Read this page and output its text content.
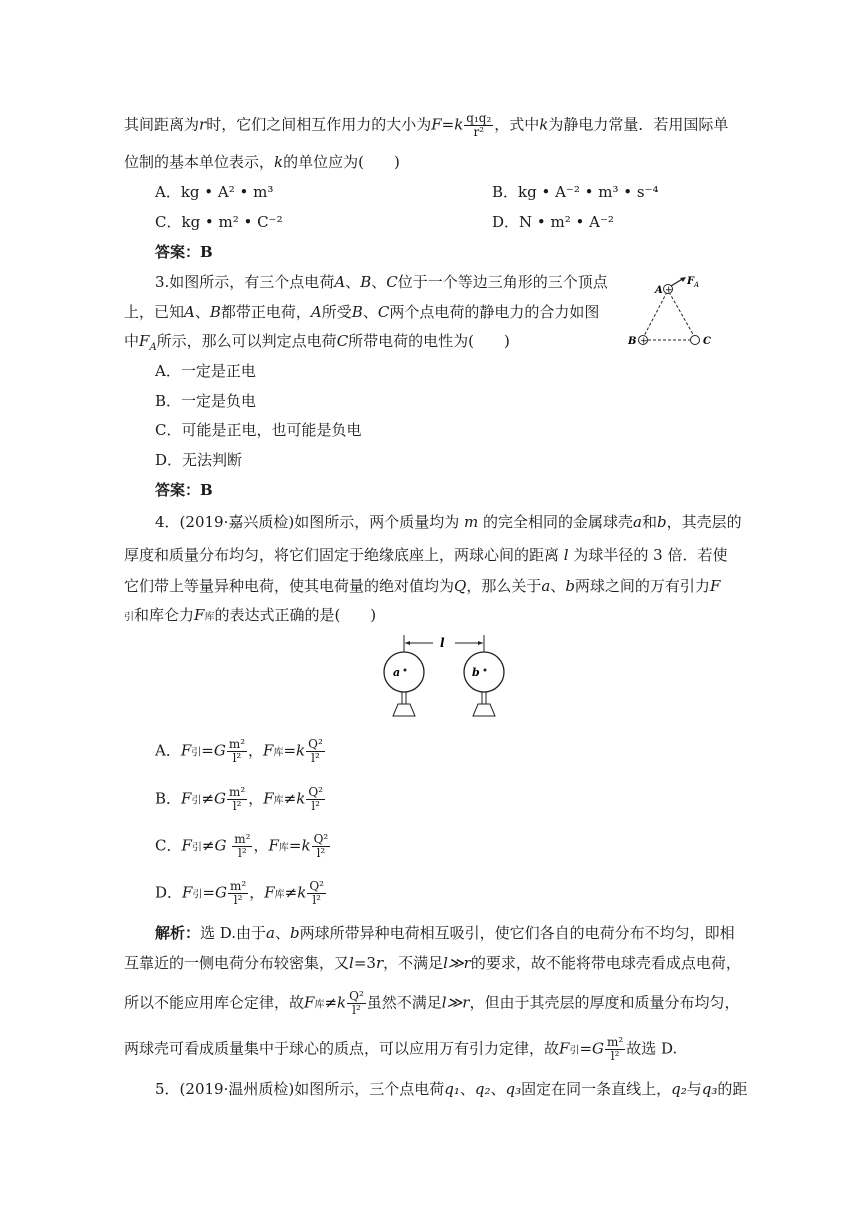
其间距离为r时，它们之间相互作用力的大小为$F=k \frac{\text{q₁q₂}}{\text{r²}}$ ，式中k为静电力常量．若用国际单
位制的基本单位表示，k的单位应为(　　)
A．kg • A² • m³	B．kg • A⁻² • m³ • s⁻⁴
C．kg • m² • C⁻²	D．N • m² • A⁻²
答案：B
3.如图所示，有三个点电荷A、B、C位于一个等边三角形的三个顶点
上，已知A、B都带正电荷，A所受B、C两个点电荷的静电力的合力如图
中$F_A$所示，那么可以判定点电荷C所带电荷的电性为(　　)
F A
+
A
+
B	C
A．一定是正电
B．一定是负电
C．可能是正电，也可能是负电
D．无法判断
答案：B
4．(2019·嘉兴质检)如图所示，两个质量均为 m 的完全相同的金属球壳a和b，其壳层的
厚度和质量分布均匀，将它们固定于绝缘底座上，两球心间的距离 l 为球半径的 3 倍．若使
它们带上等量异种电荷，使其电荷量的绝对值均为Q，那么关于a、b两球之间的万有引力F
引和库仑力F库的表达式正确的是(　　)
l
a	b
A．F引$=G \frac{\text{m²}}{\text{l²}}$ ，F库$=k \frac{\text{Q²}}{\text{l²}}$
B．F引$\ne G \frac{\text{m²}}{\text{l²}}$ ，F库$\ne k \frac{\text{Q²}}{\text{l²}}$
C．F引$\ne G \frac{\text{m²}}{\text{l²}}$ ，F库$=k \frac{\text{Q²}}{\text{l²}}$
D．F引$=G \frac{\text{m²}}{\text{l²}}$ ，F库$\ne k \frac{\text{Q²}}{\text{l²}}$
解析：选 D.由于a、b两球所带异种电荷相互吸引，使它们各自的电荷分布不均匀，即相
互靠近的一侧电荷分布较密集，又l=3r，不满足l≫r的要求，故不能将带电球壳看成点电荷，
所以不能应用库仑定律，故F库$\ne k \frac{\text{Q²}}{\text{l²}}$ 虽然不满足l≫r，但由于其壳层的厚度和质量分布均匀，
两球壳可看成质量集中于球心的质点，可以应用万有引力定律，故F引$=G \frac{\text{m²}}{\text{l²}}$ 故选 D.
5．(2019·温州质检)如图所示，三个点电荷q₁、q₂、q₃固定在同一条直线上，q₂与q₃的距
